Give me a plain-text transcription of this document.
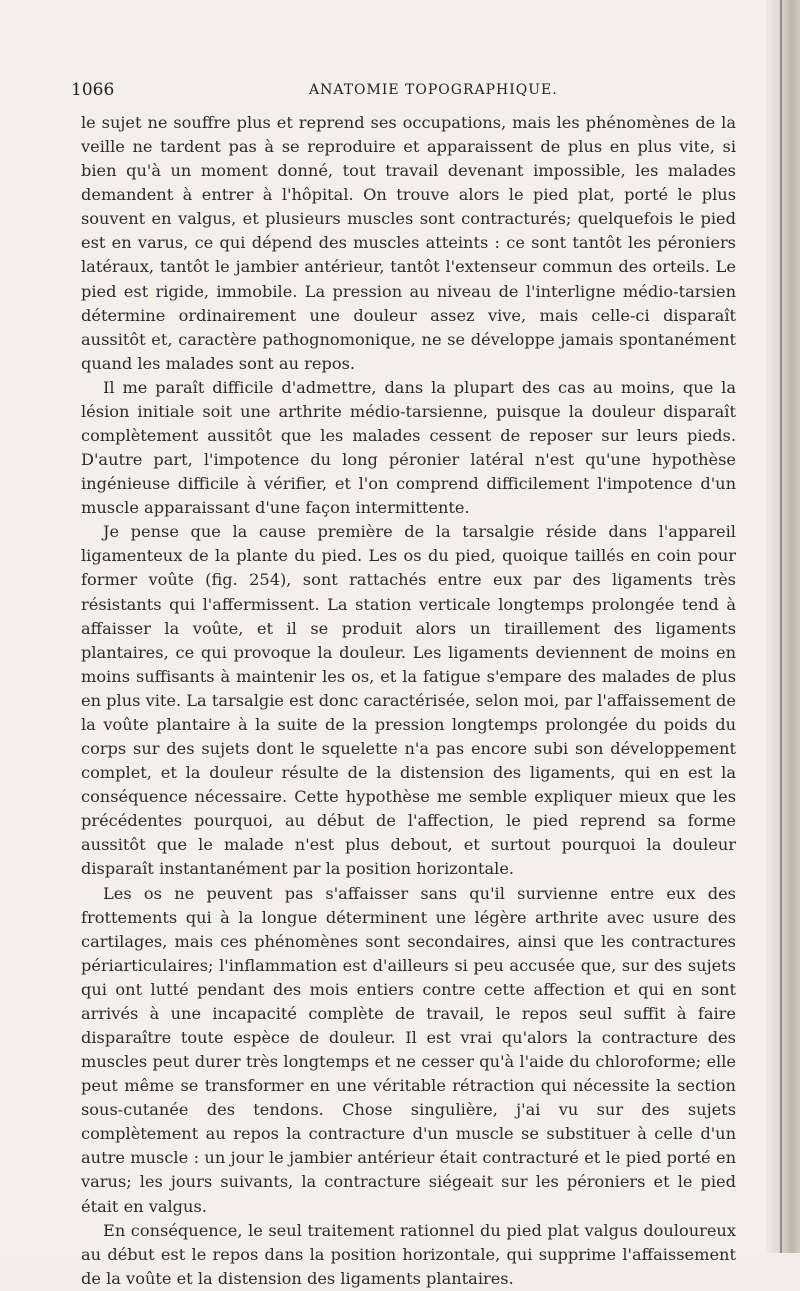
1066	ANATOMIE TOPOGRAPHIQUE.

le sujet ne souffre plus et reprend ses occupations, mais les phénomènes de la veille ne tardent pas à se reproduire et apparaissent de plus en plus vite, si bien qu'à un moment donné, tout travail devenant impossible, les malades demandent à entrer à l'hôpital. On trouve alors le pied plat, porté le plus souvent en valgus, et plusieurs muscles sont contracturés; quelquefois le pied est en varus, ce qui dépend des muscles atteints : ce sont tantôt les péroniers latéraux, tantôt le jambier antérieur, tantôt l'extenseur commun des orteils. Le pied est rigide, immobile. La pression au niveau de l'interligne médio-tarsien détermine ordinairement une douleur assez vive, mais celle-ci disparaît aussitôt et, caractère pathognomonique, ne se développe jamais spontanément quand les malades sont au repos.

Il me paraît difficile d'admettre, dans la plupart des cas au moins, que la lésion initiale soit une arthrite médio-tarsienne, puisque la douleur disparaît complètement aussitôt que les malades cessent de reposer sur leurs pieds. D'autre part, l'impotence du long péronier latéral n'est qu'une hypothèse ingénieuse difficile à vérifier, et l'on comprend difficilement l'impotence d'un muscle apparaissant d'une façon intermittente.

Je pense que la cause première de la tarsalgie réside dans l'appareil ligamenteux de la plante du pied. Les os du pied, quoique taillés en coin pour former voûte (fig. 254), sont rattachés entre eux par des ligaments très résistants qui l'affermissent. La station verticale longtemps prolongée tend à affaisser la voûte, et il se produit alors un tiraillement des ligaments plantaires, ce qui provoque la douleur. Les ligaments deviennent de moins en moins suffisants à maintenir les os, et la fatigue s'empare des malades de plus en plus vite. La tarsalgie est donc caractérisée, selon moi, par l'affaissement de la voûte plantaire à la suite de la pression longtemps prolongée du poids du corps sur des sujets dont le squelette n'a pas encore subi son développement complet, et la douleur résulte de la distension des ligaments, qui en est la conséquence nécessaire. Cette hypothèse me semble expliquer mieux que les précédentes pourquoi, au début de l'affection, le pied reprend sa forme aussitôt que le malade n'est plus debout, et surtout pourquoi la douleur disparaît instantanément par la position horizontale.

Les os ne peuvent pas s'affaisser sans qu'il survienne entre eux des frottements qui à la longue déterminent une légère arthrite avec usure des cartilages, mais ces phénomènes sont secondaires, ainsi que les contractures périarticulaires; l'inflammation est d'ailleurs si peu accusée que, sur des sujets qui ont lutté pendant des mois entiers contre cette affection et qui en sont arrivés à une incapacité complète de travail, le repos seul suffit à faire disparaître toute espèce de douleur. Il est vrai qu'alors la contracture des muscles peut durer très longtemps et ne cesser qu'à l'aide du chloroforme; elle peut même se transformer en une véritable rétraction qui nécessite la section sous-cutanée des tendons. Chose singulière, j'ai vu sur des sujets complètement au repos la contracture d'un muscle se substituer à celle d'un autre muscle : un jour le jambier antérieur était contracturé et le pied porté en varus; les jours suivants, la contracture siégeait sur les péroniers et le pied était en valgus.

En conséquence, le seul traitement rationnel du pied plat valgus douloureux au début est le repos dans la position horizontale, qui supprime l'affaissement de la voûte et la distension des ligaments plantaires.
